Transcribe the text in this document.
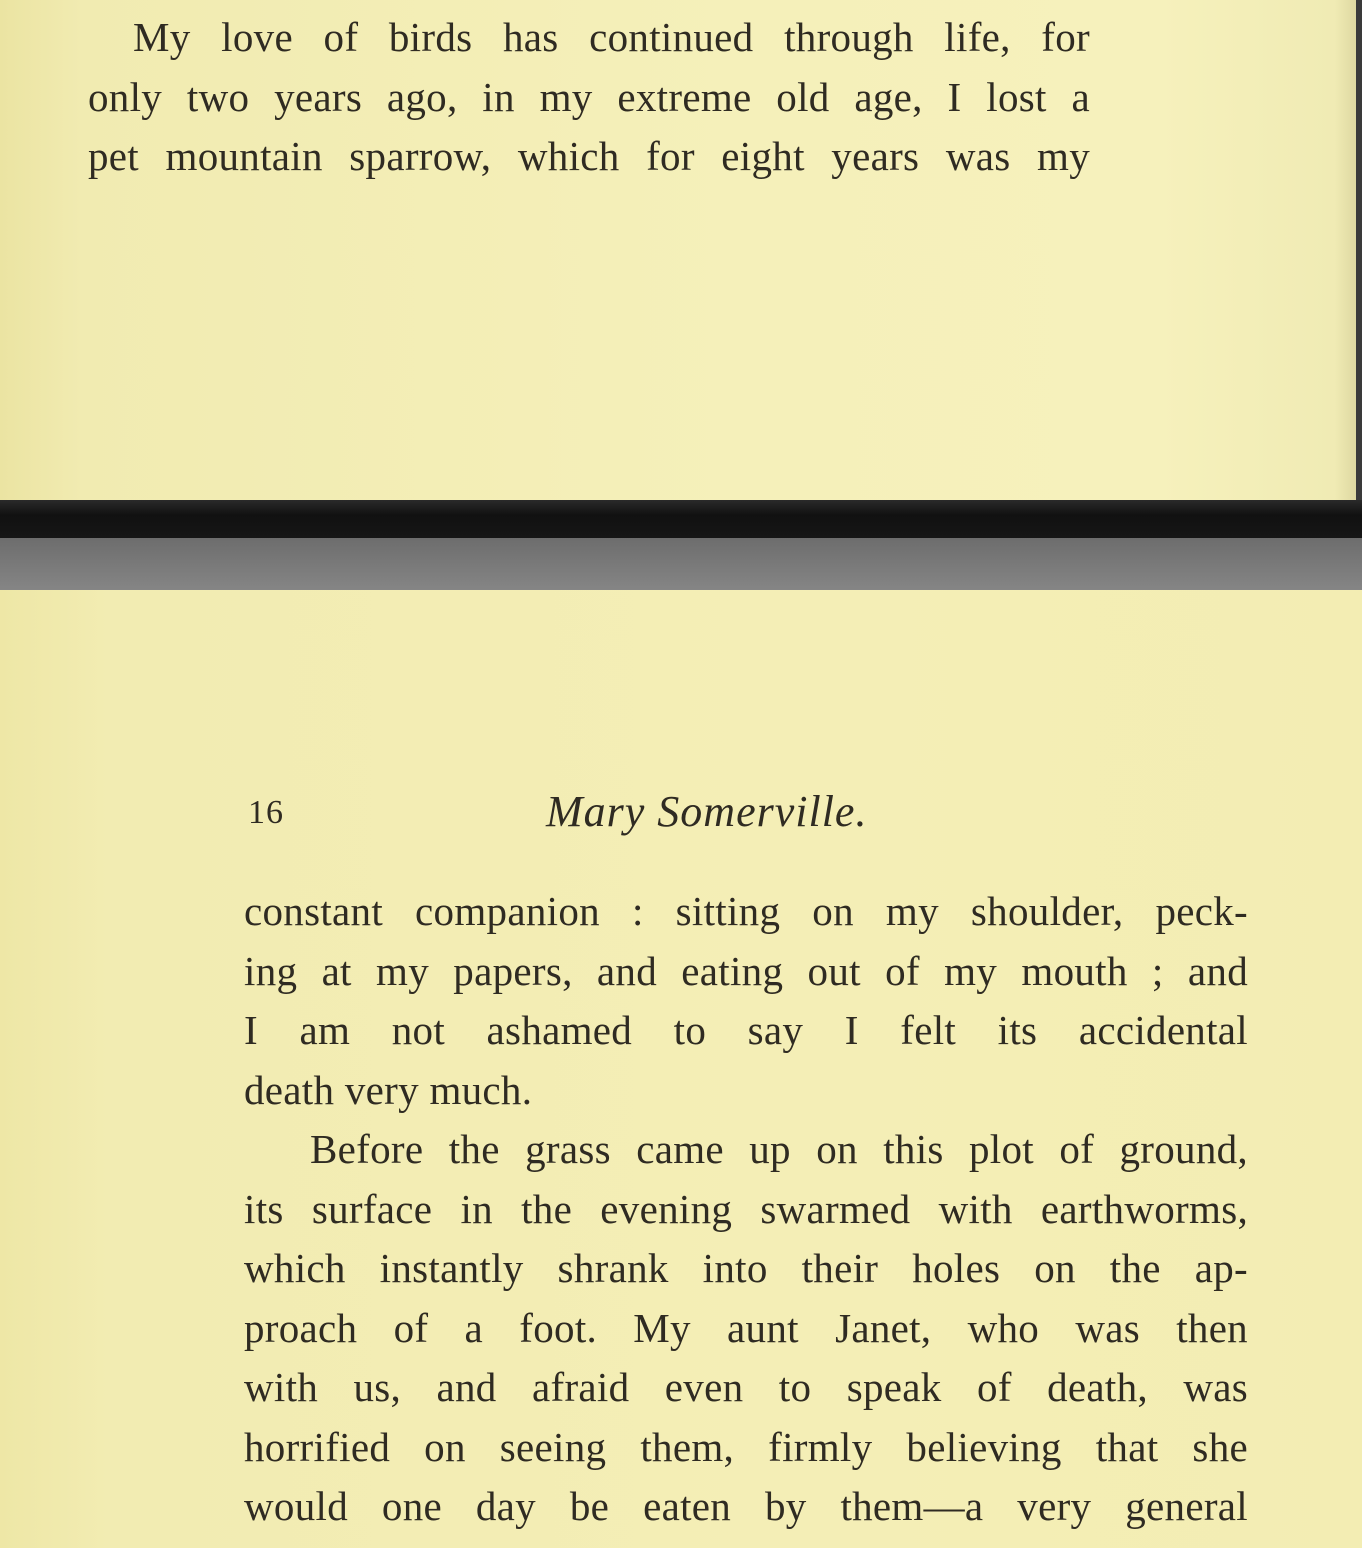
My love of birds has continued through life, for
only two years ago, in my extreme old age, I lost a
pet mountain sparrow, which for eight years was my
16	Mary Somerville.
constant companion : sitting on my shoulder, peck-
ing at my papers, and eating out of my mouth ; and
I am not ashamed to say I felt its accidental
death very much.
Before the grass came up on this plot of ground,
its surface in the evening swarmed with earthworms,
which instantly shrank into their holes on the ap-
proach of a foot. My aunt Janet, who was then
with us, and afraid even to speak of death, was
horrified on seeing them, firmly believing that she
would one day be eaten by them—a very general
